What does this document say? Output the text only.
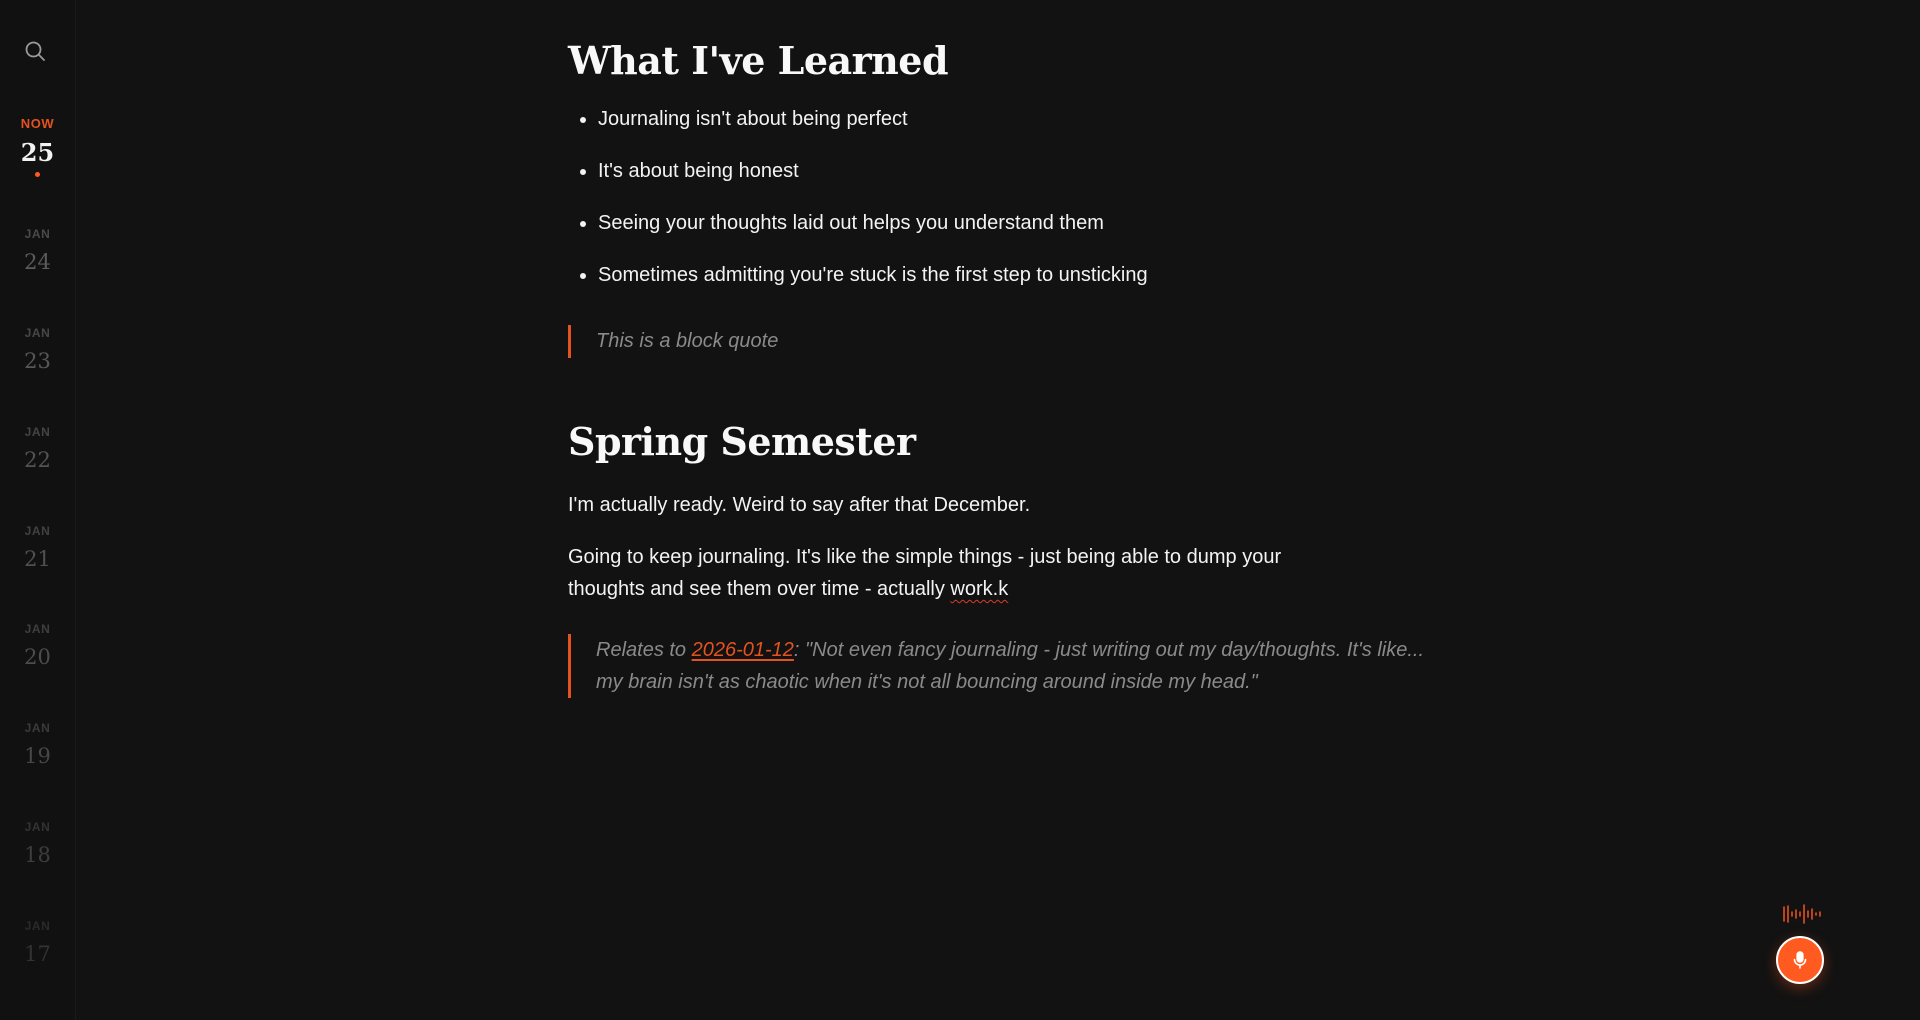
NOW
25
JAN
24
JAN
23
JAN
22
JAN
21
JAN
20
JAN
19
JAN
18
JAN
17
What I've Learned
• Journaling isn't about being perfect
• It's about being honest
• Seeing your thoughts laid out helps you understand them
• Sometimes admitting you're stuck is the first step to unsticking
This is a block quote
Spring Semester

I'm actually ready. Weird to say after that December.

Going to keep journaling. It's like the simple things - just being able to dump your thoughts and see them over time - actually work.k

Relates to 2026-01-12: "Not even fancy journaling - just writing out my day/thoughts. It's like... my brain isn't as chaotic when it's not all bouncing around inside my head."
